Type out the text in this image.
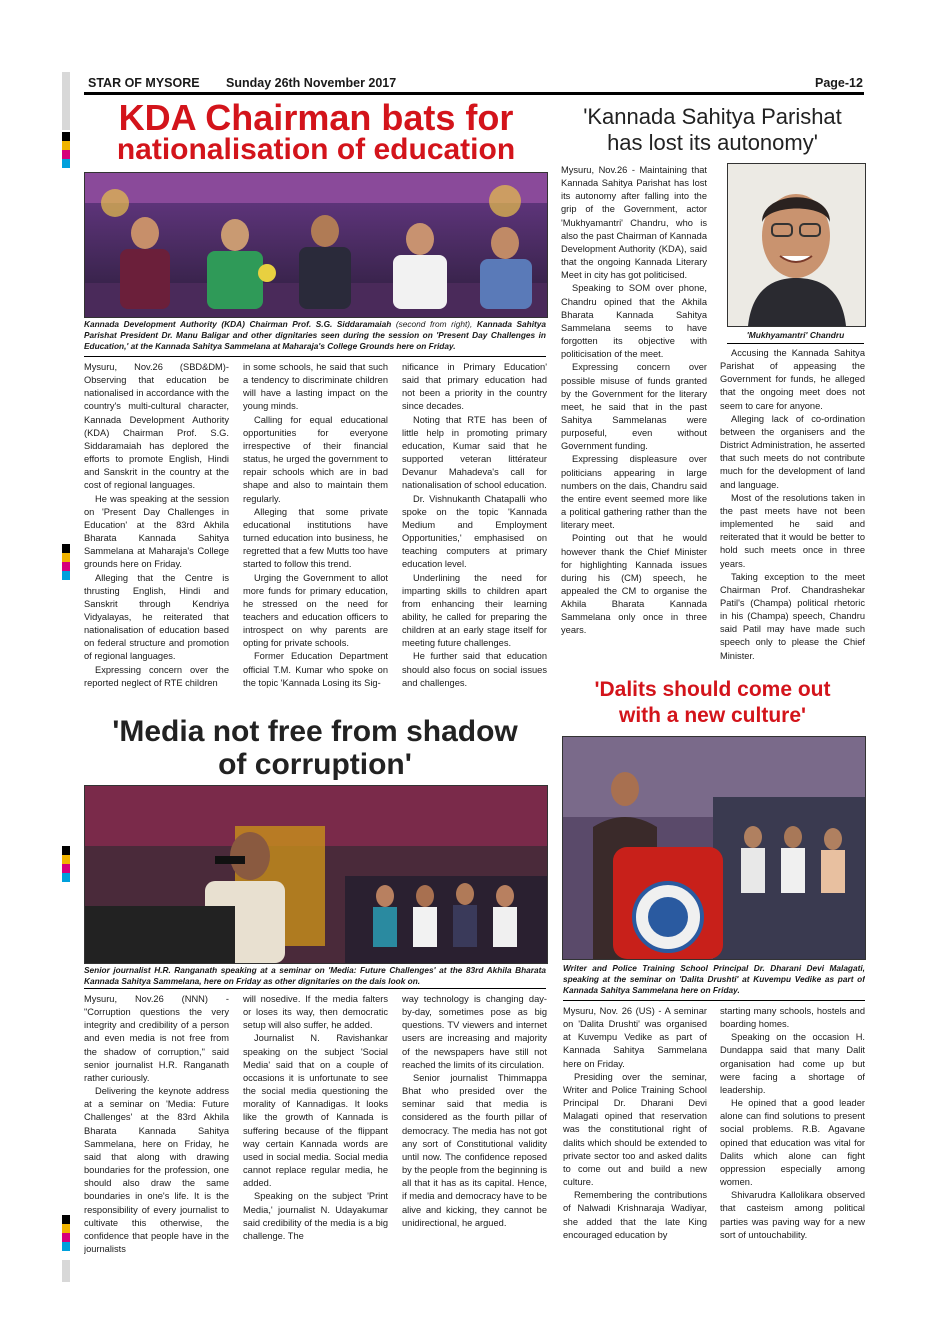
STAR OF MYSORE Sunday 26th November 2017	Page-12
KDA Chairman bats for
nationalisation of education
Kannada Development Authority (KDA) Chairman Prof. S.G. Siddaramaiah (second from right), Kannada Sahitya Parishat President Dr. Manu Baligar and other dignitaries seen during the session on 'Present Day Challenges in Education,' at the Kannada Sahitya Sammelana at Maharaja's College Grounds here on Friday.

Mysuru, Nov.26 (SBD&DM)- Observing that education be nationalised in accordance with the country's multi-cultural character, Kannada Development Authority (KDA) Chairman Prof. S.G. Siddaramaiah has deplored the efforts to promote English, Hindi and Sanskrit in the country at the cost of regional languages.

He was speaking at the session on 'Present Day Challenges in Education' at the 83rd Akhila Bharata Kannada Sahitya Sammelana at Maharaja's College grounds here on Friday.

Alleging that the Centre is thrusting English, Hindi and Sanskrit through Kendriya Vidyalayas, he reiterated that nationalisation of education based on federal structure and promotion of regional languages.

Expressing concern over the reported neglect of RTE children

in some schools, he said that such a tendency to discriminate children will have a lasting impact on the young minds.

Calling for equal educational opportunities for everyone irrespective of their financial status, he urged the government to repair schools which are in bad shape and also to maintain them regularly.

Alleging that some private educational institutions have turned education into business, he regretted that a few Mutts too have started to follow this trend.

Urging the Government to allot more funds for primary education, he stressed on the need for teachers and education officers to introspect on why parents are opting for private schools.

Former Education Department official T.M. Kumar who spoke on the topic 'Kannada Losing its Sig-

nificance in Primary Education' said that primary education had not been a priority in the country since decades.

Noting that RTE has been of little help in promoting primary education, Kumar said that he supported veteran littérateur Devanur Mahadeva's call for nationalisation of school education.

Dr. Vishnukanth Chatapalli who spoke on the topic 'Kannada Medium and Employment Opportunities,' emphasised on teaching computers at primary education level.

Underlining the need for imparting skills to children apart from enhancing their learning ability, he called for preparing the children at an early stage itself for meeting future challenges.

He further said that education should also focus on social issues and challenges.

'Kannada Sahitya Parishat
has lost its autonomy'
'Mukhyamantri' Chandru

Mysuru, Nov.26 - Maintaining that Kannada Sahitya Parishat has lost its autonomy after falling into the grip of the Government, actor 'Mukhyamantri' Chandru, who is also the past Chairman of Kannada Development Authority (KDA), said that the ongoing Kannada Literary Meet in city has got politicised.

Speaking to SOM over phone, Chandru opined that the Akhila Bharata Kannada Sahitya Sammelana seems to have forgotten its objective with politicisation of the meet.

Expressing concern over possible misuse of funds granted by the Government for the literary meet, he said that in the past Sahitya Sammelanas were purposeful, even without Government funding.

Expressing displeasure over politicians appearing in large numbers on the dais, Chandru said the entire event seemed more like a political gathering rather than the literary meet.

Pointing out that he would however thank the Chief Minister for highlighting Kannada issues during his (CM) speech, he appealed the CM to organise the Akhila Bharata Kannada Sammelana only once in three years.

Accusing the Kannada Sahitya Parishat of appeasing the Government for funds, he alleged that the ongoing meet does not seem to care for anyone.

Alleging lack of co-ordination between the organisers and the District Administration, he asserted that such meets do not contribute much for the development of land and language.

Most of the resolutions taken in the past meets have not been implemented he said and reiterated that it would be better to hold such meets once in three years.

Taking exception to the meet Chairman Prof. Chandrashekar Patil's (Champa) political rhetoric in his (Champa) speech, Chandru said Patil may have made such speech only to please the Chief Minister.

'Media not free from shadow
of corruption'
Senior journalist H.R. Ranganath speaking at a seminar on 'Media: Future Challenges' at the 83rd Akhila Bharata Kannada Sahitya Sammelana, here on Friday as other dignitaries on the dais look on.

Mysuru, Nov.26 (NNN) - "Corruption questions the very integrity and credibility of a person and even media is not free from the shadow of corruption," said senior journalist H.R. Ranganath rather curiously.

Delivering the keynote address at a seminar on 'Media: Future Challenges' at the 83rd Akhila Bharata Kannada Sahitya Sammelana, here on Friday, he said that along with drawing boundaries for the profession, one should also draw the same boundaries in one's life. It is the responsibility of every journalist to cultivate this otherwise, the confidence that people have in the journalists

will nosedive. If the media falters or loses its way, then democratic setup will also suffer, he added.

Journalist N. Ravishankar speaking on the subject 'Social Media' said that on a couple of occasions it is unfortunate to see the social media questioning the morality of Kannadigas. It looks like the growth of Kannada is suffering because of the flippant way certain Kannada words are used in social media. Social media cannot replace regular media, he added.

Speaking on the subject 'Print Media,' journalist N. Udayakumar said credibility of the media is a big challenge. The

way technology is changing day-by-day, sometimes pose as big questions. TV viewers and internet users are increasing and majority of the newspapers have still not reached the limits of its circulation.

Senior journalist Thimmappa Bhat who presided over the seminar said that media is considered as the fourth pillar of democracy. The media has not got any sort of Constitutional validity until now. The confidence reposed by the people from the beginning is all that it has as its capital. Hence, if media and democracy have to be alive and kicking, they cannot be unidirectional, he argued.

'Dalits should come out
with a new culture'
Writer and Police Training School Principal Dr. Dharani Devi Malagati, speaking at the seminar on 'Dalita Drushti' at Kuvempu Vedike as part of Kannada Sahitya Sammelana here on Friday.

Mysuru, Nov. 26 (US) - A seminar on 'Dalita Drushti' was organised at Kuvempu Vedike as part of Kannada Sahitya Sammelana here on Friday.

Presiding over the seminar, Writer and Police Training School Principal Dr. Dharani Devi Malagati opined that reservation was the constitutional right of dalits which should be extended to private sector too and asked dalits to come out and build a new culture.

Remembering the contributions of Nalwadi Krishnaraja Wadiyar, she added that the late King encouraged education by

starting many schools, hostels and boarding homes.

Speaking on the occasion H. Dundappa said that many Dalit organisation had come up but were facing a shortage of leadership.

He opined that a good leader alone can find solutions to present social problems. R.B. Agavane opined that education was vital for Dalits which alone can fight oppression especially among women.

Shivarudra Kallolikara observed that casteism among political parties was paving way for a new sort of untouchability.
